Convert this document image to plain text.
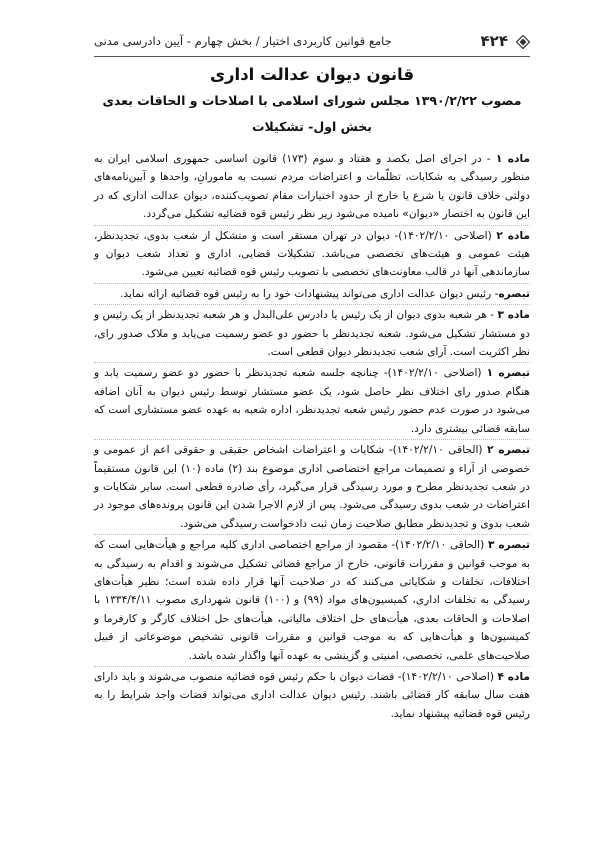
۴۲۴
جامع قوانین کاربردی اختیار / بخش چهارم - آیین دادرسی مدنی

قانون دیوان عدالت اداری

مصوب ۱۳۹۰/۲/۲۲ مجلس شورای اسلامی با اصلاحات و الحاقات بعدی

بخش اول- تشکیلات

ماده ۱ - در اجرای اصل یکصد و هفتاد و سوم (۱۷۳) قانون اساسی جمهوری اسلامی ایران به منظور رسیدگی به شکایات، تظلّمات و اعتراضات مردم نسبت به مامورانِ، واحدها و آیین‌نامه‌های دولتی خلاف قانون یا شرع یا خارج از حدود اختیارات مقام تصویب‌کننده، دیوان عدالت اداری که در این قانون به اختصار «دیوان» نامیده می‌شود زیر نظر رئیس قوه قضائیه تشکیل می‌گردد.

ماده ۲ (اصلاحی ۱۴۰۲/۲/۱۰)- دیوان در تهران مستقر است و متشکل از شعب بدوی، تجدیدنظر، هیئت عمومی و هیئت‌های تخصصی می‌باشد. تشکیلات قضایی، اداری و تعداد شعب دیوان و سازماندهی آنها در قالب معاونت‌های تخصصی با تصویب رئیس قوه قضائیه تعیین می‌شود.

تبصره- رئیس دیوان عدالت اداری می‌تواند پیشنهادات خود را به رئیس قوه قضائیه ارائه نماید.

ماده ۳ - هر شعبه بدوی دیوان از یک رئیس یا دادرس علی‌البدل و هر شعبه تجدیدنظر از یک رئیس و دو مستشار تشکیل می‌شود. شعبه تجدیدنظر با حضور دو عضو رسمیت می‌یابد و ملاک صدور رای، نظر اکثریت است. آرای شعب تجدیدنظر دیوان قطعی است.

تبصره ۱ (اصلاحی ۱۴۰۲/۲/۱۰)- چنانچه جلسه شعبه تجدیدنظر با حضور دو عضو رسمیت یابد و هنگام صدور رای اختلاف نظر حاصل شود، یک عضو مستشار توسط رئیس دیوان به آنان اضافه می‌شود در صورت عدم حضور رئیس شعبه تجدیدنظر، اداره شعبه به عهده عضو مستشاری است که سابقه قضائی بیشتری دارد.

تبصره ۲ (الحاقی ۱۴۰۲/۲/۱۰)- شکایات و اعتراضات اشخاص حقیقی و حقوقی اعم از عمومی و خصوصی از آراء و تصمیمات مراجع اختصاصی اداری موضوع بند (۲) ماده (۱۰) این قانون مستقیماً در شعب تجدیدنظر مطرح و مورد رسیدگی قرار می‌گیرد، رأی صادره قطعی است. سایر شکایات و اعتراضات در شعب بدوی رسیدگی می‌شود. پس از لازم الاجرا شدن این قانون پرونده‌های موجود در شعب بدوی و تجدیدنظر مطابق صلاحیت زمان ثبت دادخواست رسیدگی می‌شود.

تبصره ۳ (الحاقی ۱۴۰۲/۲/۱۰)- مقصود از مراجع اختصاصی اداری کلیه مراجع و هیأت‌هایی است که به موجب قوانین و مقررات قانونی، خارج از مراجع قضائی تشکیل می‌شوند و اقدام به رسیدگی به اختلافات، تخلفات و شکایاتی می‌کنند که در صلاحیت آنها قرار داده شده است؛ نظیر هیأت‌های رسیدگی به تخلفات اداری، کمیسیون‌های مواد (۹۹) و (۱۰۰) قانون شهرداری مصوب ۱۳۳۴/۴/۱۱ با اصلاحات و الحاقات بعدی، هیأت‌های حل اختلاف مالیاتی، هیأت‌های حل اختلاف کارگر و کارفرما و کمیسیون‌ها و هیأت‌هایی که به موجب قوانین و مقررات قانونی تشخیص موضوعاتی از قبیل صلاحیت‌های علمی، تخصصی، امنیتی و گزینشی به عهده آنها واگذار شده باشد.

ماده ۴ (اصلاحی ۱۴۰۲/۲/۱۰)- قضات دیوان با حکم رئیس قوه قضائیه منصوب می‌شوند و باید دارای هفت سال سابقه کار قضائی باشند. رئیس دیوان عدالت اداری می‌تواند قضات واجد شرایط را به رئیس قوه قضائیه پیشنهاد نماید.
